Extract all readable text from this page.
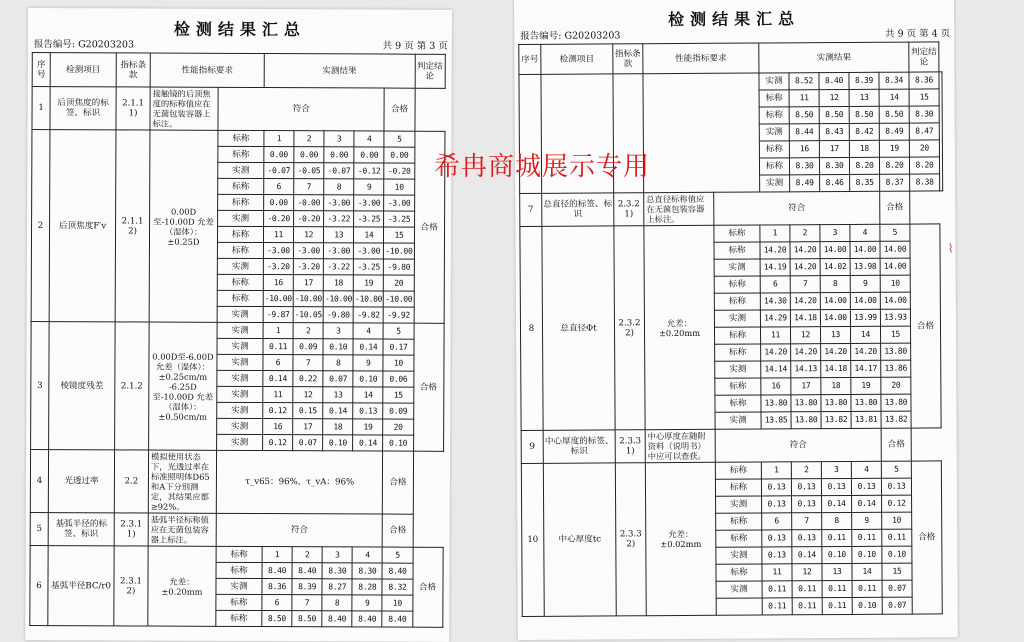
检测结果汇总
报告编号: G20203203	共 9 页 第 3 页
序号	检测项目	指标条款	性能指标要求		实测结果					判定结论
1	后顶焦度的标签、标识	2.1.1 1)	接触镜的后顶焦度的标称值应在无菌包装容器上标注。	符合					合格	
2	后顶焦度F′v	2.1.1 2)	0.00D 至-10.00D 允差（湿体）：±0.25D	标称	1	2	3	4	5	合格
				标称	0.00	0.00	0.00	0.00	0.00	
				实测	-0.07	-0.05	-0.07	-0.12	-0.20	
				标称	6	7	8	9	10	
				标称	0.00	-0.00	-3.00	-3.00	-3.00	
				实测	-0.20	-0.20	-3.22	-3.25	-3.25	
				标称	11	12	13	14	15	
				标称	-3.00	-3.00	-3.00	-3.00	-10.00	
				实测	-3.20	-3.20	-3.22	-3.25	-9.80	
				标称	16	17	18	19	20	
				标称	-10.00	-10.00	-10.00	-10.00	-10.00	
				实测	-9.87	-10.05	-9.80	-9.82	-9.92	
3	棱镜度残差	2.1.2	0.00D至-6.00D 允差（湿体）：±0.25cm/m -6.25D 至-10.00D 允差（湿体）：±0.50cm/m	实测	1	2	3	4	5	合格
				实测	0.11	0.09	0.10	0.14	0.17	
				实测	6	7	8	9	10	
				实测	0.14	0.22	0.07	0.10	0.06	
				实测	11	12	13	14	15	
				实测	0.12	0.15	0.14	0.13	0.09	
				实测	16	17	18	19	20	
				实测	0.12	0.07	0.10	0.14	0.10	
4	光透过率	2.2	模拟使用状态下，光透过率在标准照明体D65和A下分别测定，其结果应都≥92%。	τ_v65：96%，τ_vA：96%					合格	
5	基弧半径的标签、标识	2.3.1 1)	基弧半径标称值应在无菌包装容器上标注。	符合					合格	
6	基弧半径BC/r0	2.3.1 2)	允差：±0.20mm	标称	1	2	3	4	5	合格
				标称	8.40	8.40	8.30	8.30	8.40	
				实测	8.36	8.39	8.27	8.28	8.32	
				标称	6	7	8	9	10	
				标称	8.50	8.50	8.40	8.40	8.40	
检测结果汇总
报告编号: G20203203	共 9 页 第 4 页
序号	检测项目	指标条款	性能指标要求		实测结果					判定结论	
					实测	8.52	8.40	8.39	8.34	8.36	
					标称	11	12	13	14	15	
					标称	8.50	8.50	8.50	8.50	8.30	
					实测	8.44	8.43	8.42	8.49	8.47	
					标称	16	17	18	19	20	
					标称	8.30	8.30	8.20	8.20	8.20	
					实测	8.49	8.46	8.35	8.37	8.38	
7	总直径的标签、标识	2.3.2 1)	总直径标称值应在无菌包装容器上标注。	符合					合格		
8	总直径Φt	2.3.2 2)	允差：±0.20mm	标称	1	2	3	4	5	合格	
				标称	14.20	14.20	14.00	14.00	14.00		
				实测	14.19	14.20	14.02	13.98	14.00		
				标称	6	7	8	9	10		
				标称	14.30	14.20	14.00	14.00	14.00		
				实测	14.29	14.18	14.00	13.99	13.93		
				标称	11	12	13	14	15		
				标称	14.20	14.20	14.20	14.20	13.80		
				实测	14.14	14.13	14.18	14.17	13.86		
				标称	16	17	18	19	20		
				标称	13.80	13.80	13.80	13.80	13.80		
				实测	13.85	13.80	13.82	13.81	13.82		
9	中心厚度的标签、标识	2.3.3 1)	中心厚度在随附资料（说明书）中应可以查获。	符合					合格		
10	中心厚度tc	2.3.3 2)	允差：±0.02mm	标称	1	2	3	4	5	合格	
				标称	0.13	0.13	0.13	0.13	0.13		
				实测	0.13	0.13	0.14	0.14	0.12		
				标称	6	7	8	9	10		
				标称	0.13	0.13	0.11	0.11	0.11		
				实测	0.13	0.14	0.10	0.10	0.10		
				标称	11	12	13	14	15		
				实测	0.11	0.11	0.11	0.11	0.07		
					0.11	0.11	0.11	0.10	0.07		
⌇
希冉商城展示专用
